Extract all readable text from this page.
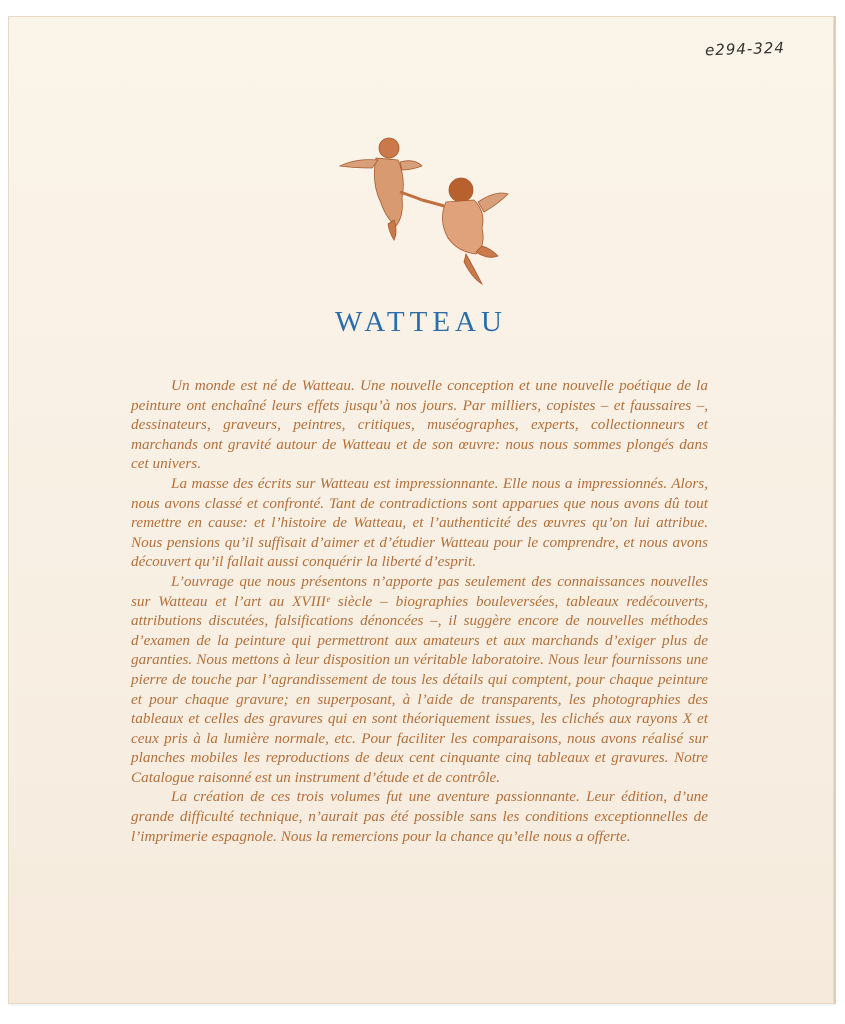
e294-324
WATTEAU

Un monde est né de Watteau. Une nouvelle conception et une nouvelle poétique de la peinture ont enchaîné leurs effets jusqu’à nos jours. Par milliers, copistes – et faussaires –, dessinateurs, graveurs, peintres, critiques, muséographes, experts, collectionneurs et marchands ont gravité autour de Watteau et de son œuvre: nous nous sommes plongés dans cet univers.

La masse des écrits sur Watteau est impressionnante. Elle nous a impressionnés. Alors, nous avons classé et confronté. Tant de contradictions sont apparues que nous avons dû tout remettre en cause: et l’histoire de Watteau, et l’authenticité des œuvres qu’on lui attribue. Nous pensions qu’il suffisait d’aimer et d’étudier Watteau pour le comprendre, et nous avons découvert qu’il fallait aussi conquérir la liberté d’esprit.

L’ouvrage que nous présentons n’apporte pas seulement des connaissances nouvelles sur Watteau et l’art au XVIIIᵉ siècle – biographies bouleversées, tableaux redécouverts, attributions discutées, falsifications dénoncées –, il suggère encore de nouvelles méthodes d’examen de la peinture qui permettront aux amateurs et aux marchands d’exiger plus de garanties. Nous mettons à leur disposition un véritable laboratoire. Nous leur fournissons une pierre de touche par l’agrandissement de tous les détails qui comptent, pour chaque peinture et pour chaque gravure; en superposant, à l’aide de transparents, les photographies des tableaux et celles des gravures qui en sont théoriquement issues, les clichés aux rayons X et ceux pris à la lumière normale, etc. Pour faciliter les comparaisons, nous avons réalisé sur planches mobiles les reproductions de deux cent cinquante cinq tableaux et gravures. Notre Catalogue raisonné est un instrument d’étude et de contrôle.

La création de ces trois volumes fut une aventure passionnante. Leur édition, d’une grande difficulté technique, n’aurait pas été possible sans les conditions exceptionnelles de l’imprimerie espagnole. Nous la remercions pour la chance qu’elle nous a offerte.
